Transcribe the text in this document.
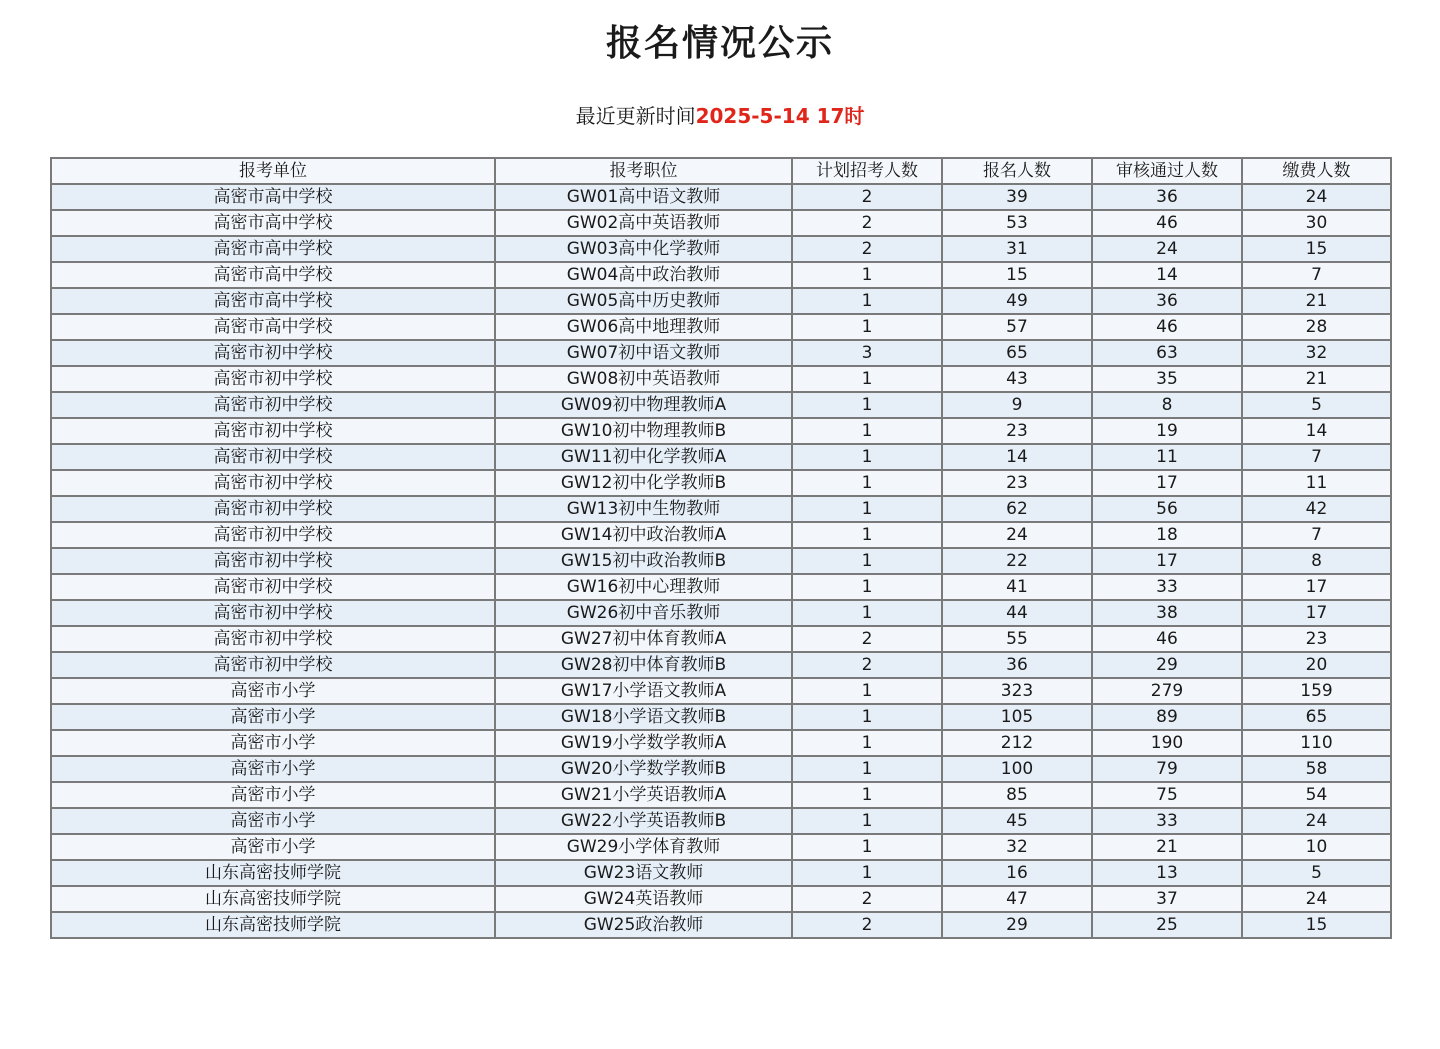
报名情况公示
最近更新时间2025-5-14 17时
报考单位	报考职位	计划招考人数	报名人数	审核通过人数	缴费人数
高密市高中学校	GW01高中语文教师	2	39	36	24
高密市高中学校	GW02高中英语教师	2	53	46	30
高密市高中学校	GW03高中化学教师	2	31	24	15
高密市高中学校	GW04高中政治教师	1	15	14	7
高密市高中学校	GW05高中历史教师	1	49	36	21
高密市高中学校	GW06高中地理教师	1	57	46	28
高密市初中学校	GW07初中语文教师	3	65	63	32
高密市初中学校	GW08初中英语教师	1	43	35	21
高密市初中学校	GW09初中物理教师A	1	9	8	5
高密市初中学校	GW10初中物理教师B	1	23	19	14
高密市初中学校	GW11初中化学教师A	1	14	11	7
高密市初中学校	GW12初中化学教师B	1	23	17	11
高密市初中学校	GW13初中生物教师	1	62	56	42
高密市初中学校	GW14初中政治教师A	1	24	18	7
高密市初中学校	GW15初中政治教师B	1	22	17	8
高密市初中学校	GW16初中心理教师	1	41	33	17
高密市初中学校	GW26初中音乐教师	1	44	38	17
高密市初中学校	GW27初中体育教师A	2	55	46	23
高密市初中学校	GW28初中体育教师B	2	36	29	20
高密市小学	GW17小学语文教师A	1	323	279	159
高密市小学	GW18小学语文教师B	1	105	89	65
高密市小学	GW19小学数学教师A	1	212	190	110
高密市小学	GW20小学数学教师B	1	100	79	58
高密市小学	GW21小学英语教师A	1	85	75	54
高密市小学	GW22小学英语教师B	1	45	33	24
高密市小学	GW29小学体育教师	1	32	21	10
山东高密技师学院	GW23语文教师	1	16	13	5
山东高密技师学院	GW24英语教师	2	47	37	24
山东高密技师学院	GW25政治教师	2	29	25	15
